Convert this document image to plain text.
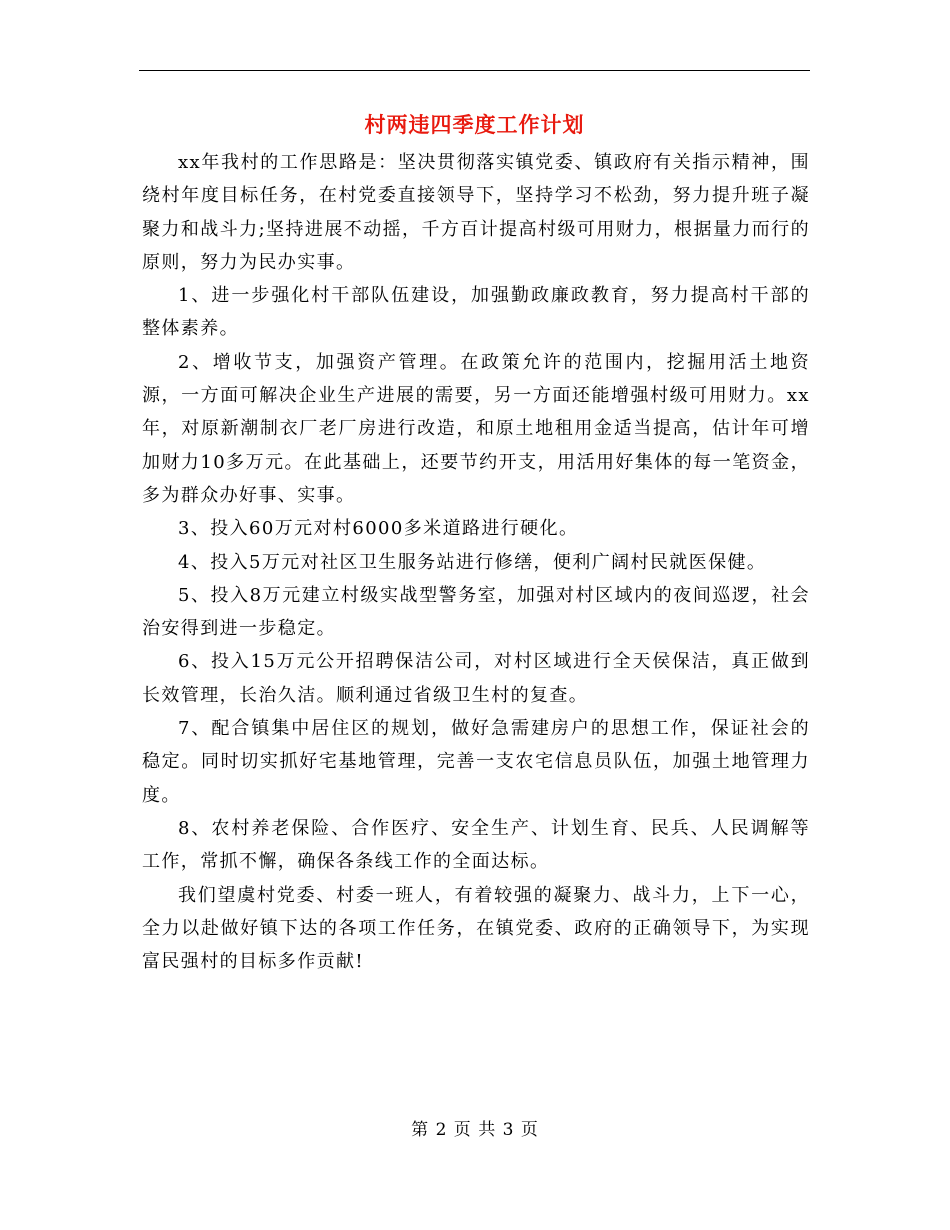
村两违四季度工作计划

xx年我村的工作思路是：坚决贯彻落实镇党委、镇政府有关指示精神，围绕村年度目标任务，在村党委直接领导下，坚持学习不松劲，努力提升班子凝聚力和战斗力;坚持进展不动摇，千方百计提高村级可用财力，根据量力而行的原则，努力为民办实事。

1、进一步强化村干部队伍建设，加强勤政廉政教育，努力提高村干部的整体素养。

2、增收节支，加强资产管理。在政策允许的范围内，挖掘用活土地资源，一方面可解决企业生产进展的需要，另一方面还能增强村级可用财力。xx年，对原新潮制衣厂老厂房进行改造，和原土地租用金适当提高，估计年可增加财力10多万元。在此基础上，还要节约开支，用活用好集体的每一笔资金，多为群众办好事、实事。

3、投入60万元对村6000多米道路进行硬化。

4、投入5万元对社区卫生服务站进行修缮，便利广阔村民就医保健。

5、投入8万元建立村级实战型警务室，加强对村区域内的夜间巡逻，社会治安得到进一步稳定。

6、投入15万元公开招聘保洁公司，对村区域进行全天侯保洁，真正做到长效管理，长治久洁。顺利通过省级卫生村的复查。

7、配合镇集中居住区的规划，做好急需建房户的思想工作，保证社会的稳定。同时切实抓好宅基地管理，完善一支农宅信息员队伍，加强土地管理力度。

8、农村养老保险、合作医疗、安全生产、计划生育、民兵、人民调解等工作，常抓不懈，确保各条线工作的全面达标。

我们望虞村党委、村委一班人，有着较强的凝聚力、战斗力，上下一心，全力以赴做好镇下达的各项工作任务，在镇党委、政府的正确领导下，为实现富民强村的目标多作贡献!

第 2 页 共 3 页
